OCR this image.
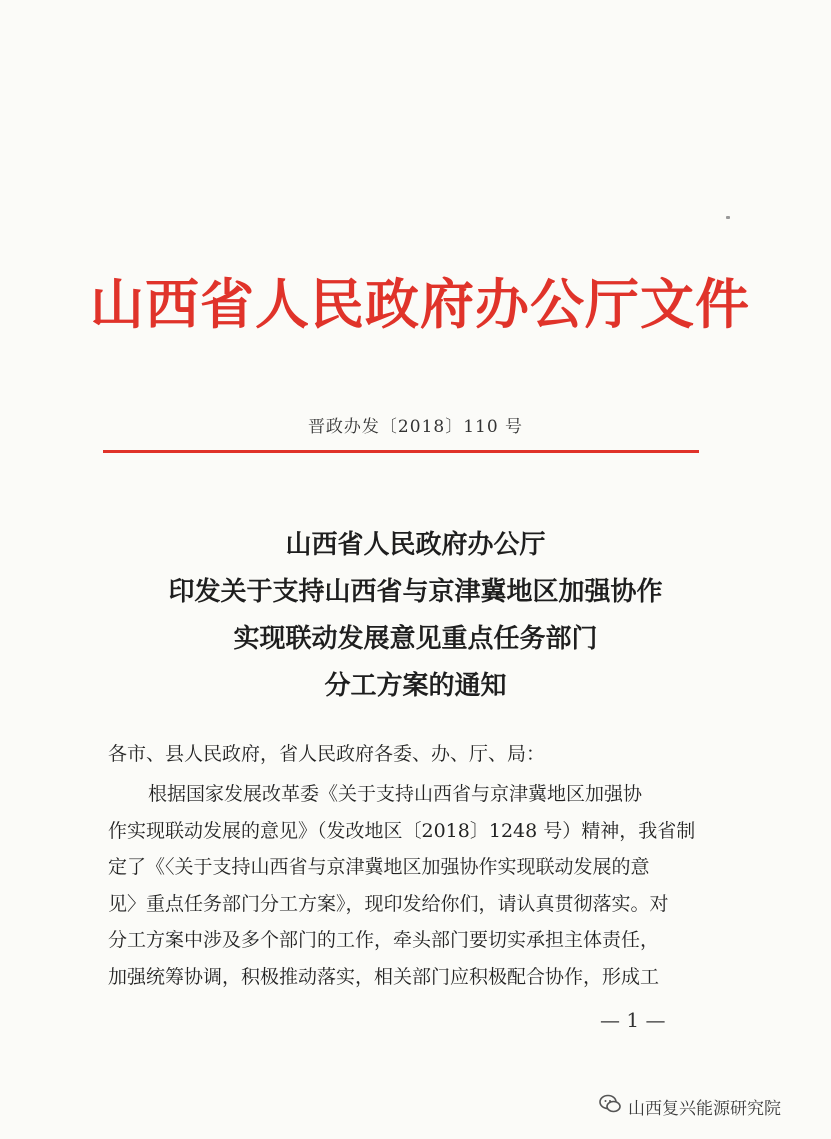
山西省人民政府办公厅文件
晋政办发〔2018〕110 号
山西省人民政府办公厅
印发关于支持山西省与京津冀地区加强协作
实现联动发展意见重点任务部门
分工方案的通知
各市、县人民政府，省人民政府各委、办、厅、局：
根据国家发展改革委《关于支持山西省与京津冀地区加强协
作实现联动发展的意见》（发改地区〔2018〕1248 号）精神，我省制
定了《〈关于支持山西省与京津冀地区加强协作实现联动发展的意
见〉重点任务部门分工方案》，现印发给你们，请认真贯彻落实。对
分工方案中涉及多个部门的工作，牵头部门要切实承担主体责任，
加强统筹协调，积极推动落实，相关部门应积极配合协作，形成工
— 1 —
山西复兴能源研究院
